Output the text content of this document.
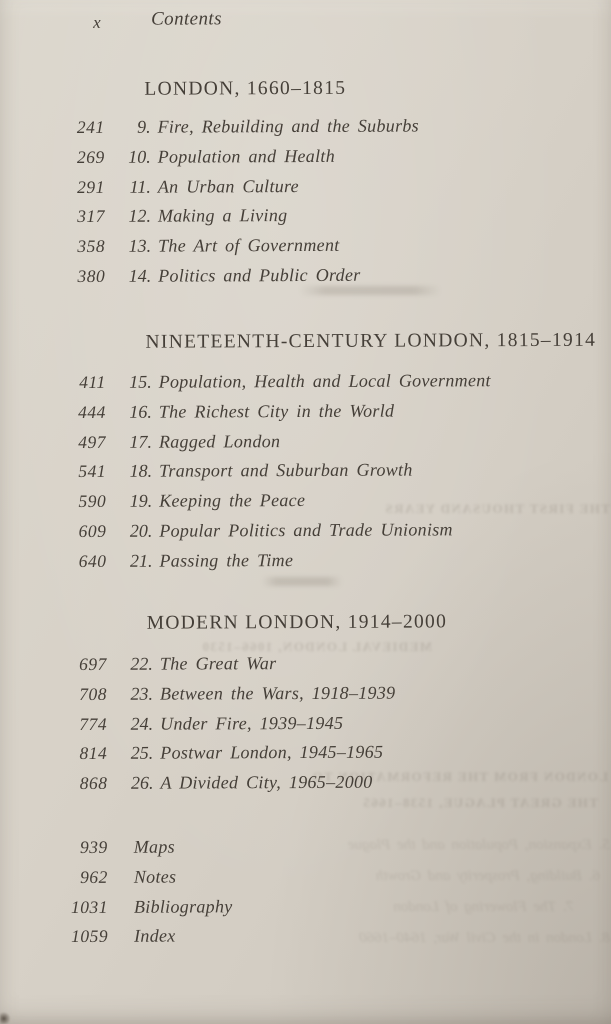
THE FIRST THOUSAND YEARS
MEDIEVAL LONDON, 1066–1530
LONDON FROM THE REFORMATION TO
THE GREAT PLAGUE, 1538–1665
5. Expansion, Population and the Plague
6. Building, Prosperity and Growth
7. The Flowering of London
8. London in the Civil War, 1640–1660
x	Contents
LONDON, 1660–1815
241	9. Fire, Rebuilding and the Suburbs
269	10. Population and Health
291	11. An Urban Culture
317	12. Making a Living
358	13. The Art of Government
380	14. Politics and Public Order
NINETEENTH-CENTURY LONDON, 1815–1914
411	15. Population, Health and Local Government
444	16. The Richest City in the World
497	17. Ragged London
541	18. Transport and Suburban Growth
590	19. Keeping the Peace
609	20. Popular Politics and Trade Unionism
640	21. Passing the Time
MODERN LONDON, 1914–2000
697	22. The Great War
708	23. Between the Wars, 1918–1939
774	24. Under Fire, 1939–1945
814	25. Postwar London, 1945–1965
868	26. A Divided City, 1965–2000
939 Maps
962 Notes
1031 Bibliography
1059 Index
